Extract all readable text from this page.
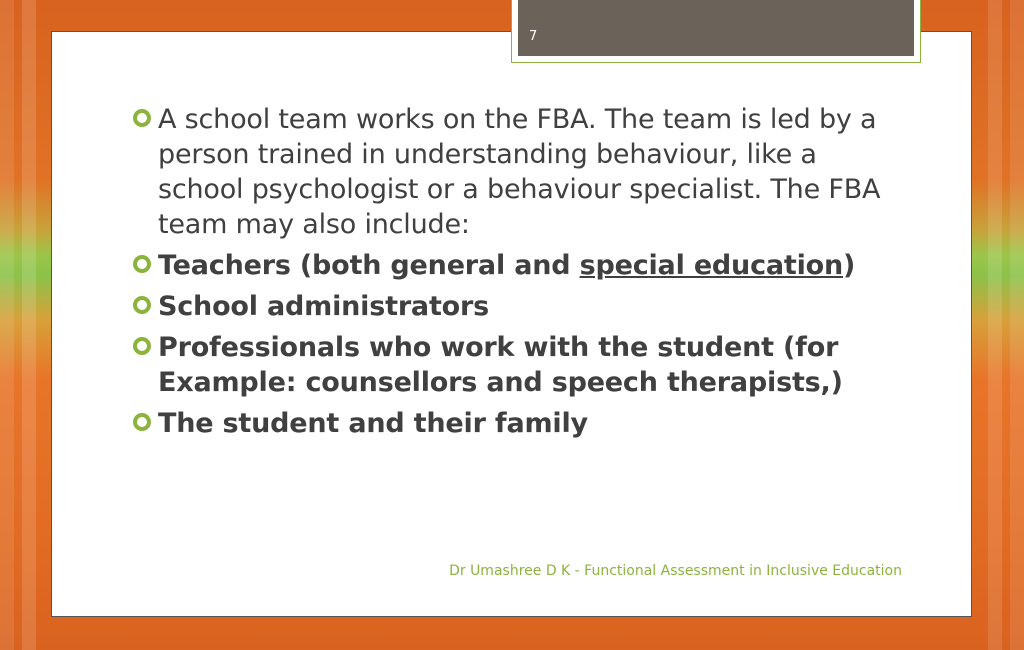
7
A school team works on the FBA. The team is led by a person trained in understanding behaviour, like a school psychologist or a behaviour specialist. The FBA team may also include:
Teachers (both general and special education)
School administrators
Professionals who work with the student (for Example: counsellors and speech therapists,)
The student and their family
Dr Umashree D K - Functional Assessment in Inclusive Education
